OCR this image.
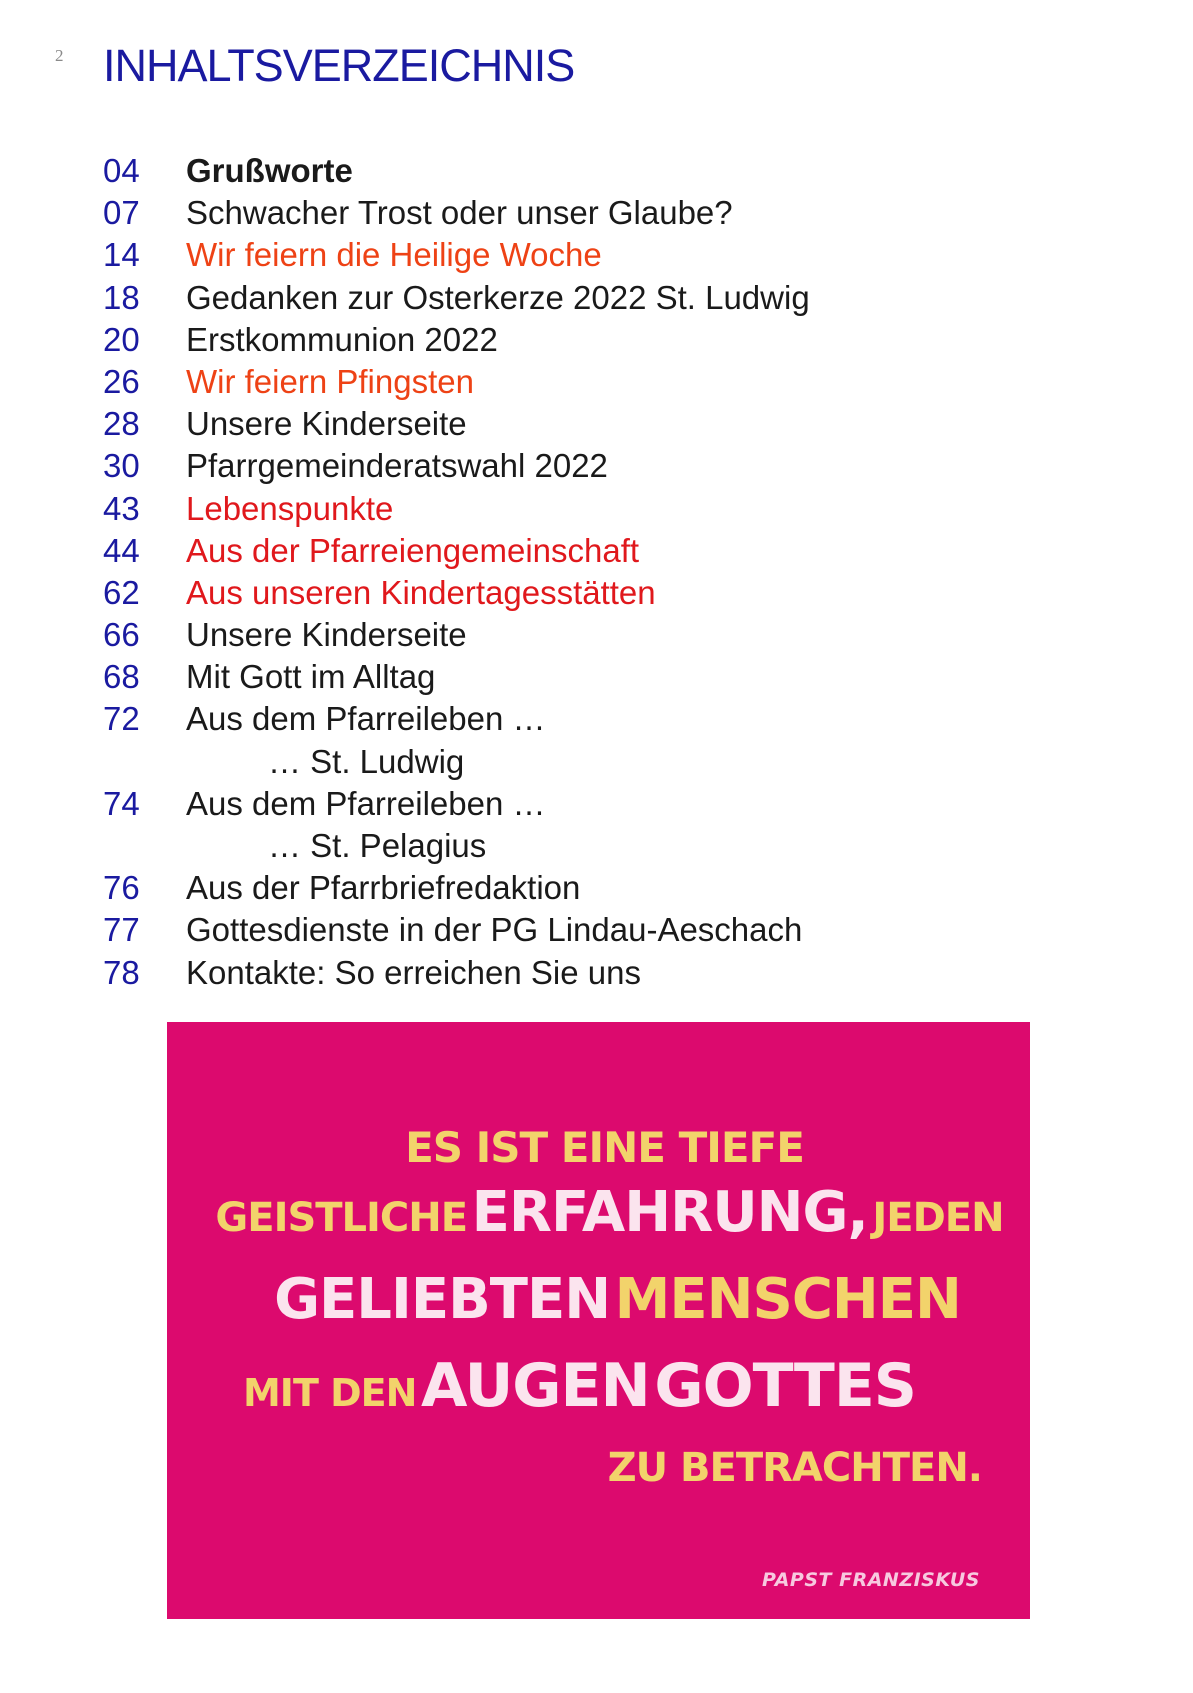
2 INHALTSVERZEICHNIS
04 Grußworte
07 Schwacher Trost oder unser Glaube?
14 Wir feiern die Heilige Woche
18 Gedanken zur Osterkerze 2022 St. Ludwig
20 Erstkommunion 2022
26 Wir feiern Pfingsten
28 Unsere Kinderseite
30 Pfarrgemeinderatswahl 2022
43 Lebenspunkte
44 Aus der Pfarreiengemeinschaft
62 Aus unseren Kindertagesstätten
66 Unsere Kinderseite
68 Mit Gott im Alltag
72 Aus dem Pfarreileben …
… St. Ludwig
74 Aus dem Pfarreileben …
… St. Pelagius
76 Aus der Pfarrbriefredaktion
77 Gottesdienste in der PG Lindau-Aeschach
78 Kontakte: So erreichen Sie uns
ES IST EINE TIEFE
GEISTLICHE ERFAHRUNG, JEDEN
GELIEBTEN MENSCHEN
MIT DEN AUGEN GOTTES
ZU BETRACHTEN.
PAPST FRANZISKUS
